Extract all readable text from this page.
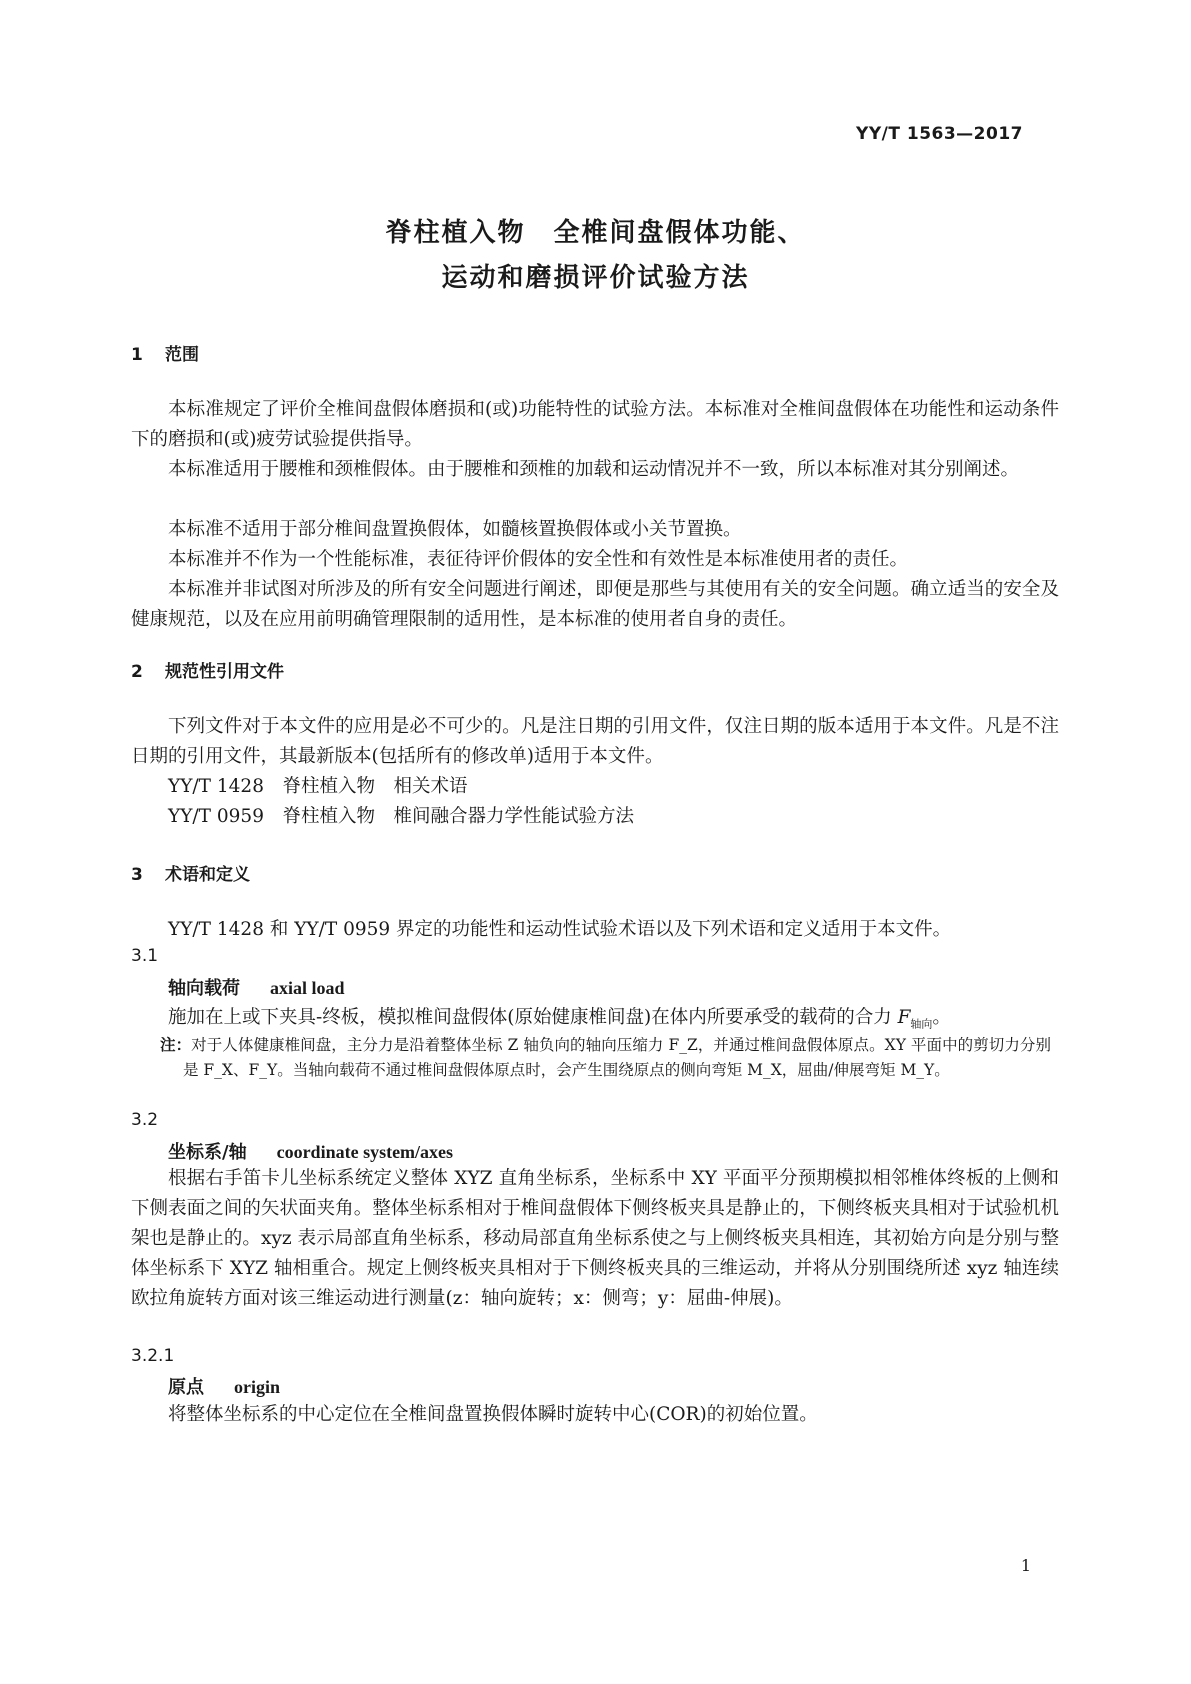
YY/T 1563—2017
脊柱植入物　全椎间盘假体功能、
运动和磨损评价试验方法
1 范围
本标准规定了评价全椎间盘假体磨损和(或)功能特性的试验方法。本标准对全椎间盘假体在功能性和运动条件下的磨损和(或)疲劳试验提供指导。
本标准适用于腰椎和颈椎假体。由于腰椎和颈椎的加载和运动情况并不一致，所以本标准对其分别阐述。
本标准不适用于部分椎间盘置换假体，如髓核置换假体或小关节置换。
本标准并不作为一个性能标准，表征待评价假体的安全性和有效性是本标准使用者的责任。
本标准并非试图对所涉及的所有安全问题进行阐述，即便是那些与其使用有关的安全问题。确立适当的安全及健康规范，以及在应用前明确管理限制的适用性，是本标准的使用者自身的责任。
2 规范性引用文件
下列文件对于本文件的应用是必不可少的。凡是注日期的引用文件，仅注日期的版本适用于本文件。凡是不注日期的引用文件，其最新版本(包括所有的修改单)适用于本文件。
YY/T 1428　脊柱植入物　相关术语
YY/T 0959　脊柱植入物　椎间融合器力学性能试验方法
3 术语和定义
YY/T 1428 和 YY/T 0959 界定的功能性和运动性试验术语以及下列术语和定义适用于本文件。
3.1
轴向载荷 axial load
施加在上或下夹具-终板，模拟椎间盘假体(原始健康椎间盘)在体内所要承受的载荷的合力 $F_{轴向}$。
注：对于人体健康椎间盘，主分力是沿着整体坐标 Z 轴负向的轴向压缩力 F_Z，并通过椎间盘假体原点。XY 平面中的剪切力分别是 F_X、F_Y。当轴向载荷不通过椎间盘假体原点时，会产生围绕原点的侧向弯矩 M_X，屈曲/伸展弯矩 M_Y。
3.2
坐标系/轴 coordinate system/axes
根据右手笛卡儿坐标系统定义整体 XYZ 直角坐标系，坐标系中 XY 平面平分预期模拟相邻椎体终板的上侧和下侧表面之间的矢状面夹角。整体坐标系相对于椎间盘假体下侧终板夹具是静止的，下侧终板夹具相对于试验机机架也是静止的。xyz 表示局部直角坐标系，移动局部直角坐标系使之与上侧终板夹具相连，其初始方向是分别与整体坐标系下 XYZ 轴相重合。规定上侧终板夹具相对于下侧终板夹具的三维运动，并将从分别围绕所述 xyz 轴连续欧拉角旋转方面对该三维运动进行测量(z：轴向旋转；x：侧弯；y：屈曲-伸展)。
3.2.1
原点 origin
将整体坐标系的中心定位在全椎间盘置换假体瞬时旋转中心(COR)的初始位置。
1
